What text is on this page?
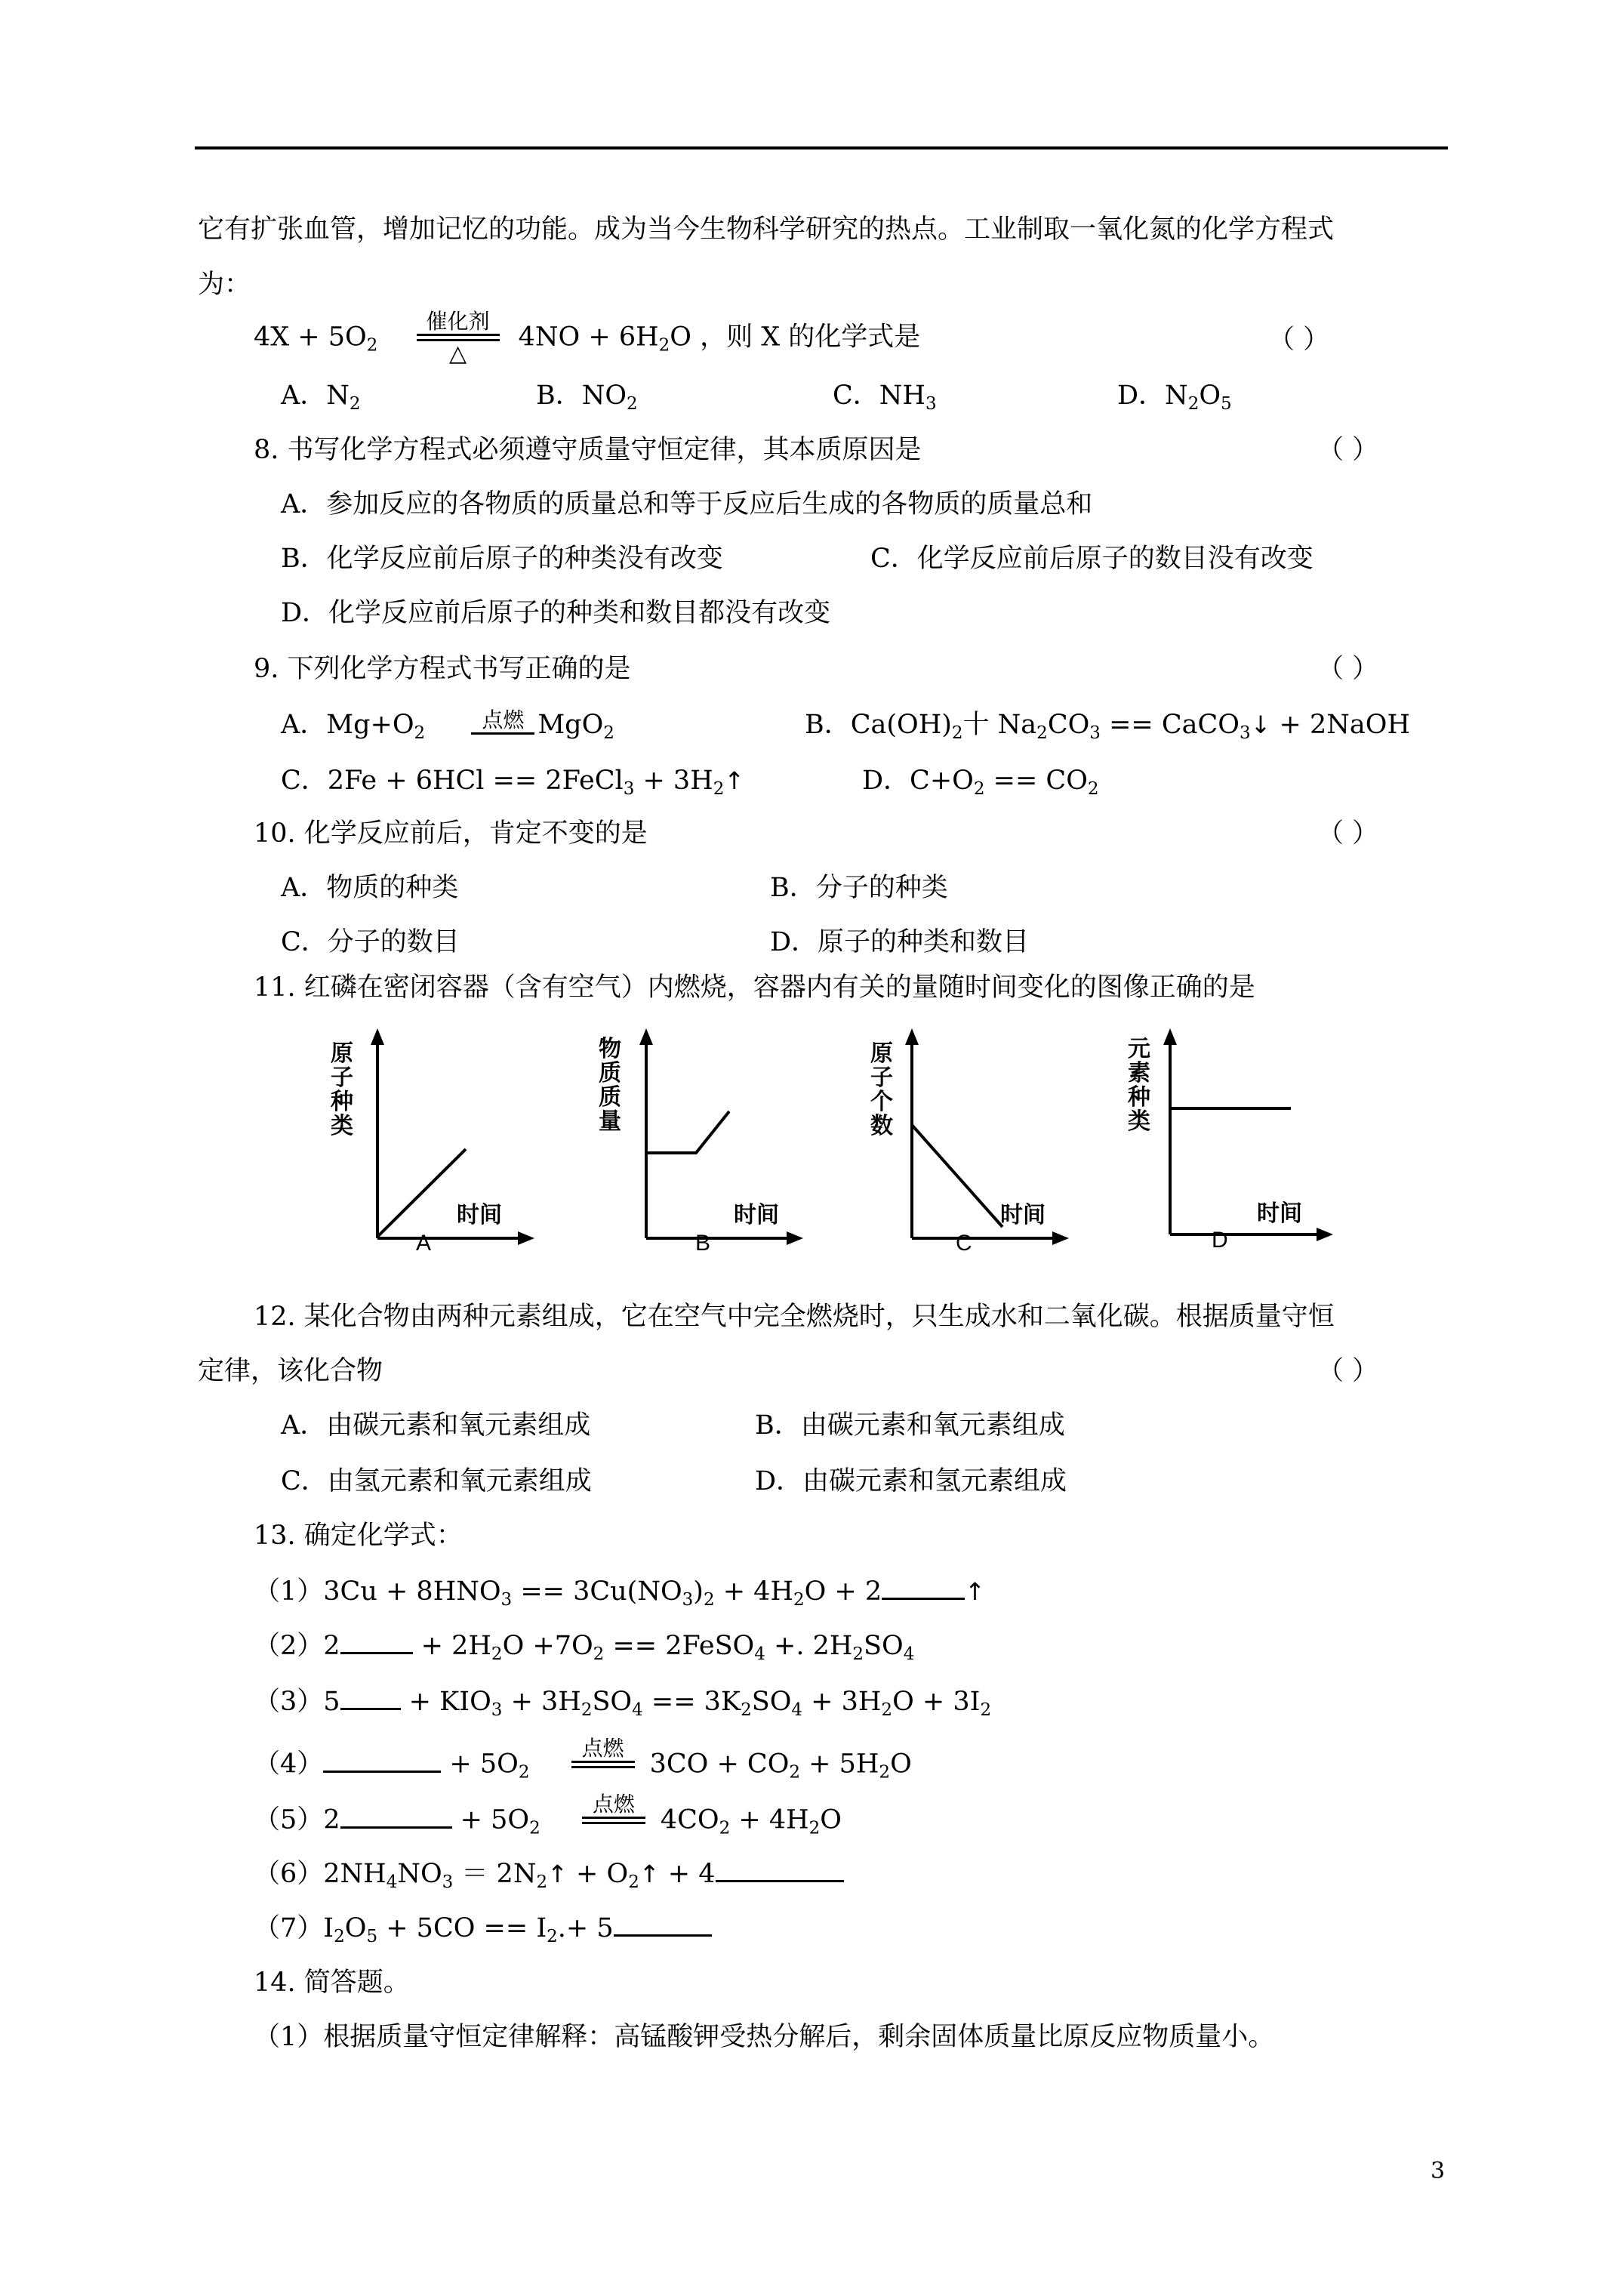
它有扩张血管，增加记忆的功能。成为当今生物科学研究的热点。工业制取一氧化氮的化学方程式
为：
$4X + 5O_2$
催化剂
△
$4NO + 6H_2O$ ，则 X 的化学式是	（ ）
A．$N_2$	B．$NO_2$	C．$NH_3$	D．$N_2O_5$
8. 书写化学方程式必须遵守质量守恒定律，其本质原因是	（ ）
A．参加反应的各物质的质量总和等于反应后生成的各物质的质量总和
B．化学反应前后原子的种类没有改变	C．化学反应前后原子的数目没有改变
D．化学反应前后原子的种类和数目都没有改变
9. 下列化学方程式书写正确的是	（ ）
A．$Mg+O_2$
点燃 MgO$_2$	B．$Ca(OH)_2$十 $Na_2CO_3$ == CaCO$_3$↓ + 2NaOH
C．2Fe + 6HCl == 2FeCl$_3$ + $3H_2↑$	D．$C+O_2 == CO_2$
10. 化学反应前后，肯定不变的是	（ ）
A．物质的种类	B．分子的种类
C．分子的数目	D．原子的种类和数目
11. 红磷在密闭容器（含有空气）内燃烧，容器内有关的量随时间变化的图像正确的是
原子种类
时间
A
物质质量
时间
B
原子个数
时间
C
元素种类
时间
D
12. 某化合物由两种元素组成，它在空气中完全燃烧时，只生成水和二氧化碳。根据质量守恒
定律，该化合物	（ ）
A．由碳元素和氧元素组成	B．由碳元素和氧元素组成
C．由氢元素和氧元素组成	D．由碳元素和氢元素组成
13. 确定化学式：
$(1)3Cu + 8HNO_3 == 3Cu(NO_3)_2 + 4H_2O + 2$	↑
（2）2	+ $2H_2O +7O_2$ == 2FeSO$_4$ +. $2H_2SO_4$
$(3)5 + KIO_3 + 3H_2SO_4 == 3K_2SO_4 + 3H_2O + 3I_2$
（4）	+ $5O_2$
点燃

$3CO + CO_2 + 5H_2O$
（5）2	+ $5O_2$
点燃

$4CO_2 + 4H_2O$
$(6)2NH_4NO_3$ ＝ $2N_2↑$ + $O_2↑ + 4$
$(7)I_2O_5 + 5CO == I_2.+ 5$
14. 简答题。
（1）根据质量守恒定律解释：高锰酸钾受热分解后，剩余固体质量比原反应物质量小。
3
